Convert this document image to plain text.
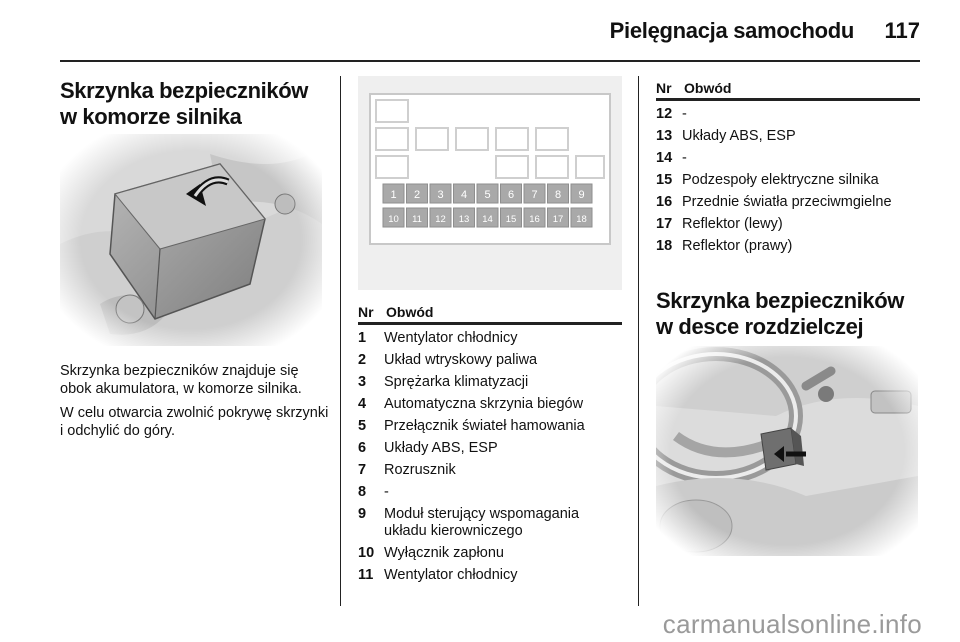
Pielęgnacja samochodu 117
Skrzynka bezpieczników
w komorze silnika
Skrzynka bezpieczników znajduje się obok akumulatora, w komorze silnika.
W celu otwarcia zwolnić pokrywę skrzynki i odchylić do góry.
1 2 3 4 5 6 7 8 9
10 11 12 13 14 15 16 17 18
Nr Obwód
1	Wentylator chłodnicy
2	Układ wtryskowy paliwa
3	Sprężarka klimatyzacji
4	Automatyczna skrzynia biegów
5	Przełącznik świateł hamowania
6	Układy ABS, ESP
7	Rozrusznik
8	-
9	Moduł sterujący wspomagania układu kierowniczego
10 Wyłącznik zapłonu
11 Wentylator chłodnicy
Nr Obwód
12 -
13 Układy ABS, ESP
14 -
15 Podzespoły elektryczne silnika
16 Przednie światła przeciwmgielne
17 Reflektor (lewy)
18 Reflektor (prawy)
Skrzynka bezpieczników
w desce rozdzielczej
carmanualsonline.info
